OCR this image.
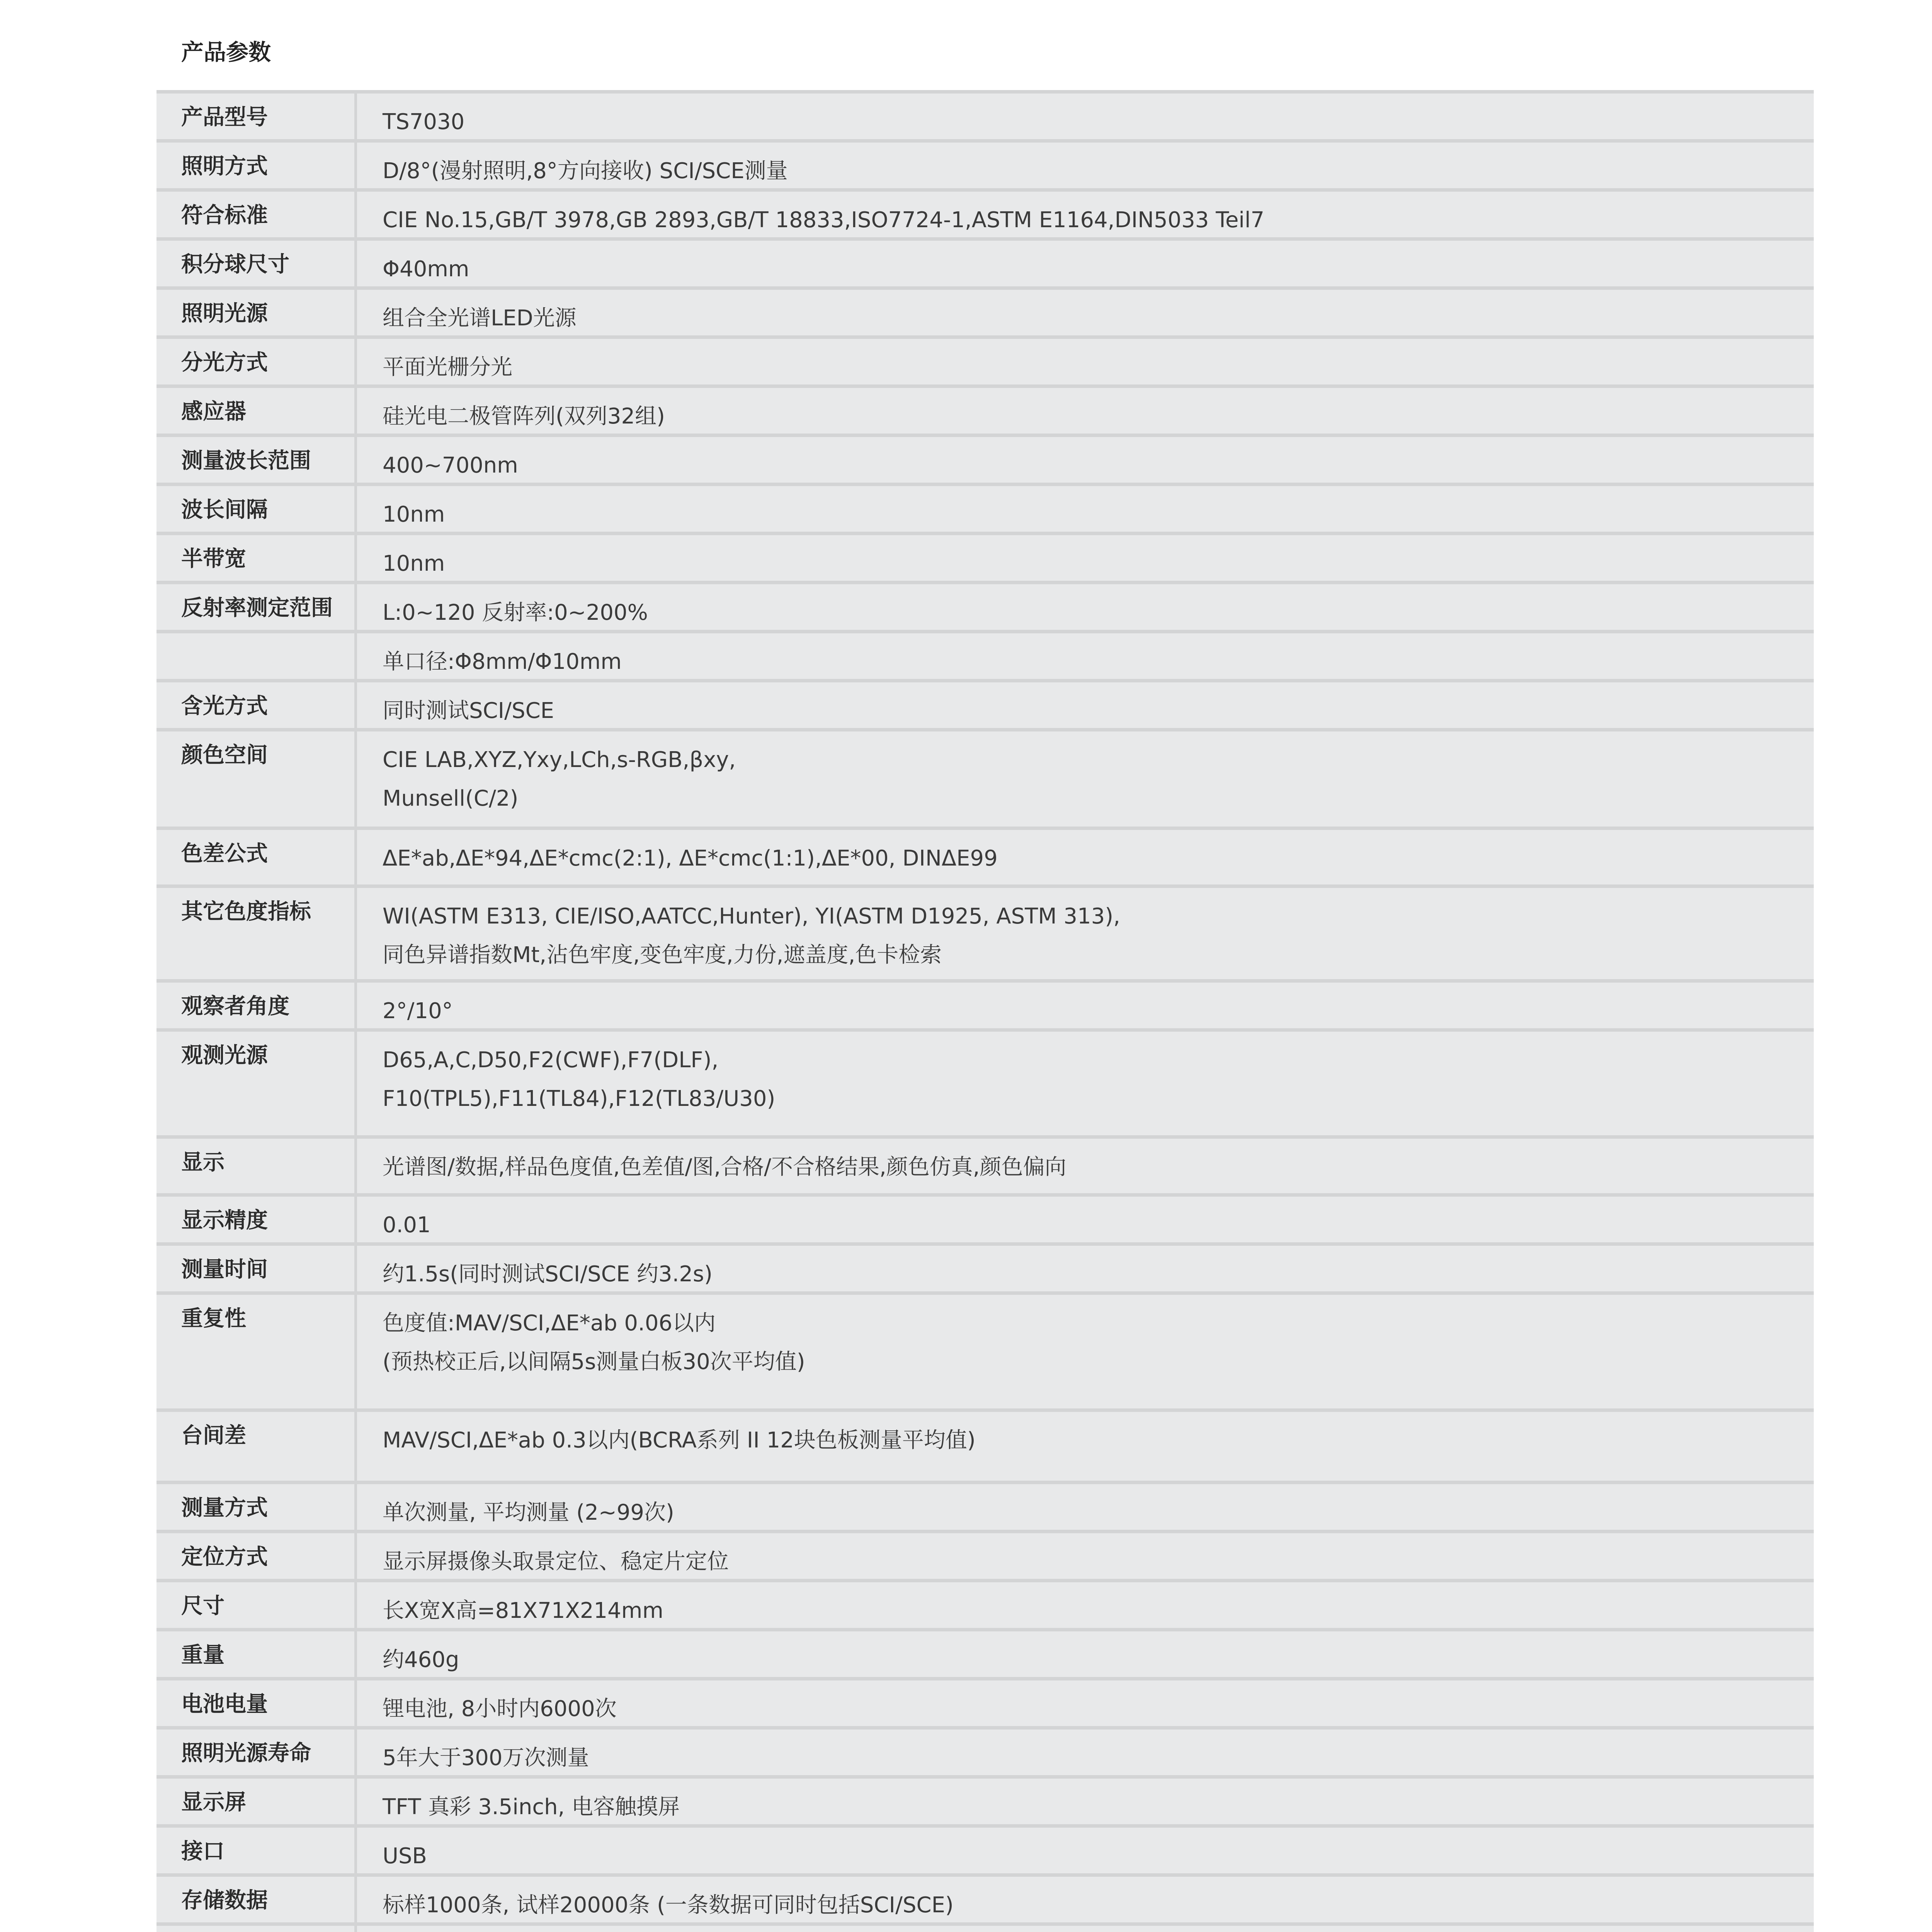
产品参数
产品型号	TS7030
照明方式	D/8°(漫射照明,8°方向接收) SCI/SCE测量
符合标准	CIE No.15,GB/T 3978,GB 2893,GB/T 18833,ISO7724-1,ASTM E1164,DIN5033 Teil7
积分球尺寸	Φ40mm
照明光源	组合全光谱LED光源
分光方式	平面光栅分光
感应器	硅光电二极管阵列(双列32组)
测量波长范围	400~700nm
波长间隔	10nm
半带宽	10nm
反射率测定范围 L:0~120 反射率:0~200%
单口径:Φ8mm/Φ10mm
含光方式	同时测试SCI/SCE
颜色空间	CIE LAB,XYZ,Yxy,LCh,s-RGB,βxy,
Munsell(C/2)
色差公式	ΔE*ab,ΔE*94,ΔE*cmc(2:1), ΔE*cmc(1:1),ΔE*00, DINΔE99
其它色度指标	WI(ASTM E313, CIE/ISO,AATCC,Hunter), YI(ASTM D1925, ASTM 313),
同色异谱指数Mt,沾色牢度,变色牢度,力份,遮盖度,色卡检索
观察者角度	2°/10°
观测光源	D65,A,C,D50,F2(CWF),F7(DLF),
F10(TPL5),F11(TL84),F12(TL83/U30)
显示	光谱图/数据,样品色度值,色差值/图,合格/不合格结果,颜色仿真,颜色偏向
显示精度	0.01
测量时间	约1.5s(同时测试SCI/SCE 约3.2s)
重复性	色度值:MAV/SCI,ΔE*ab 0.06以内
(预热校正后,以间隔5s测量白板30次平均值)
台间差	MAV/SCI,ΔE*ab 0.3以内(BCRA系列 II 12块色板测量平均值)
测量方式	单次测量, 平均测量 (2~99次)
定位方式	显示屏摄像头取景定位、稳定片定位
尺寸	长X宽X高=81X71X214mm
重量	约460g
电池电量	锂电池, 8小时内6000次
照明光源寿命	5年大于300万次测量
显示屏	TFT 真彩 3.5inch, 电容触摸屏
接口	USB
存储数据	标样1000条, 试样20000条 (一条数据可同时包括SCI/SCE)
